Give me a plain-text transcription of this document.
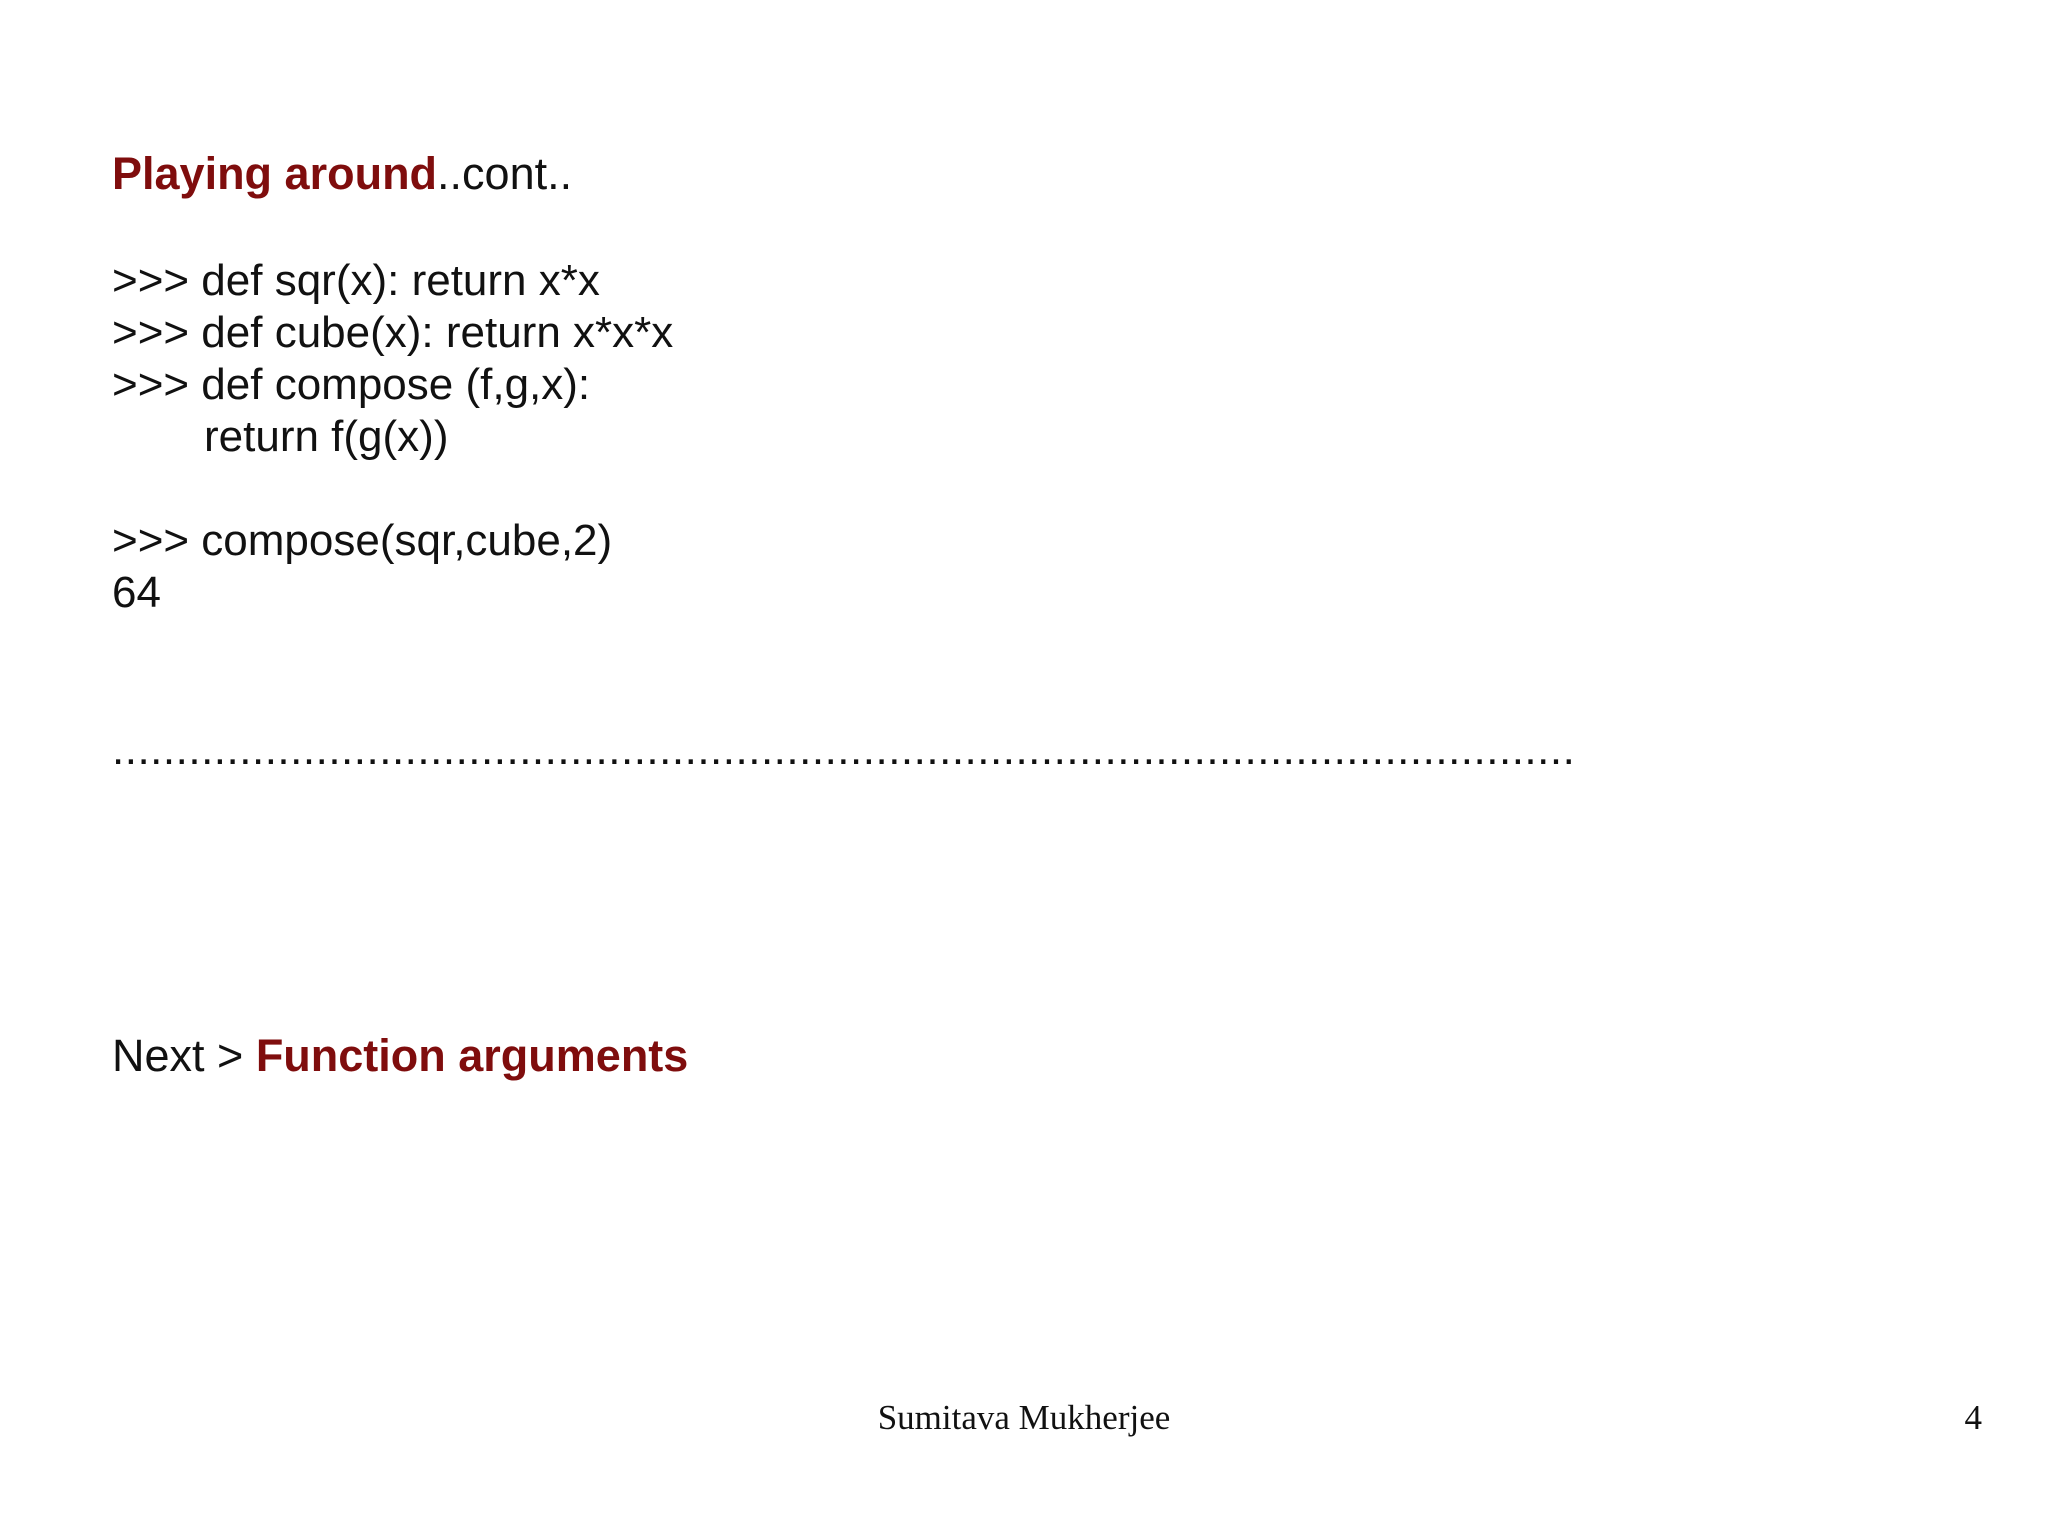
Playing around..cont..
>>> def sqr(x): return x*x
>>> def cube(x): return x*x*x
>>> def compose (f,g,x):
return f(g(x))
>>> compose(sqr,cube,2)
64
...................................................................................................................
Next > Function arguments
Sumitava Mukherjee	4
